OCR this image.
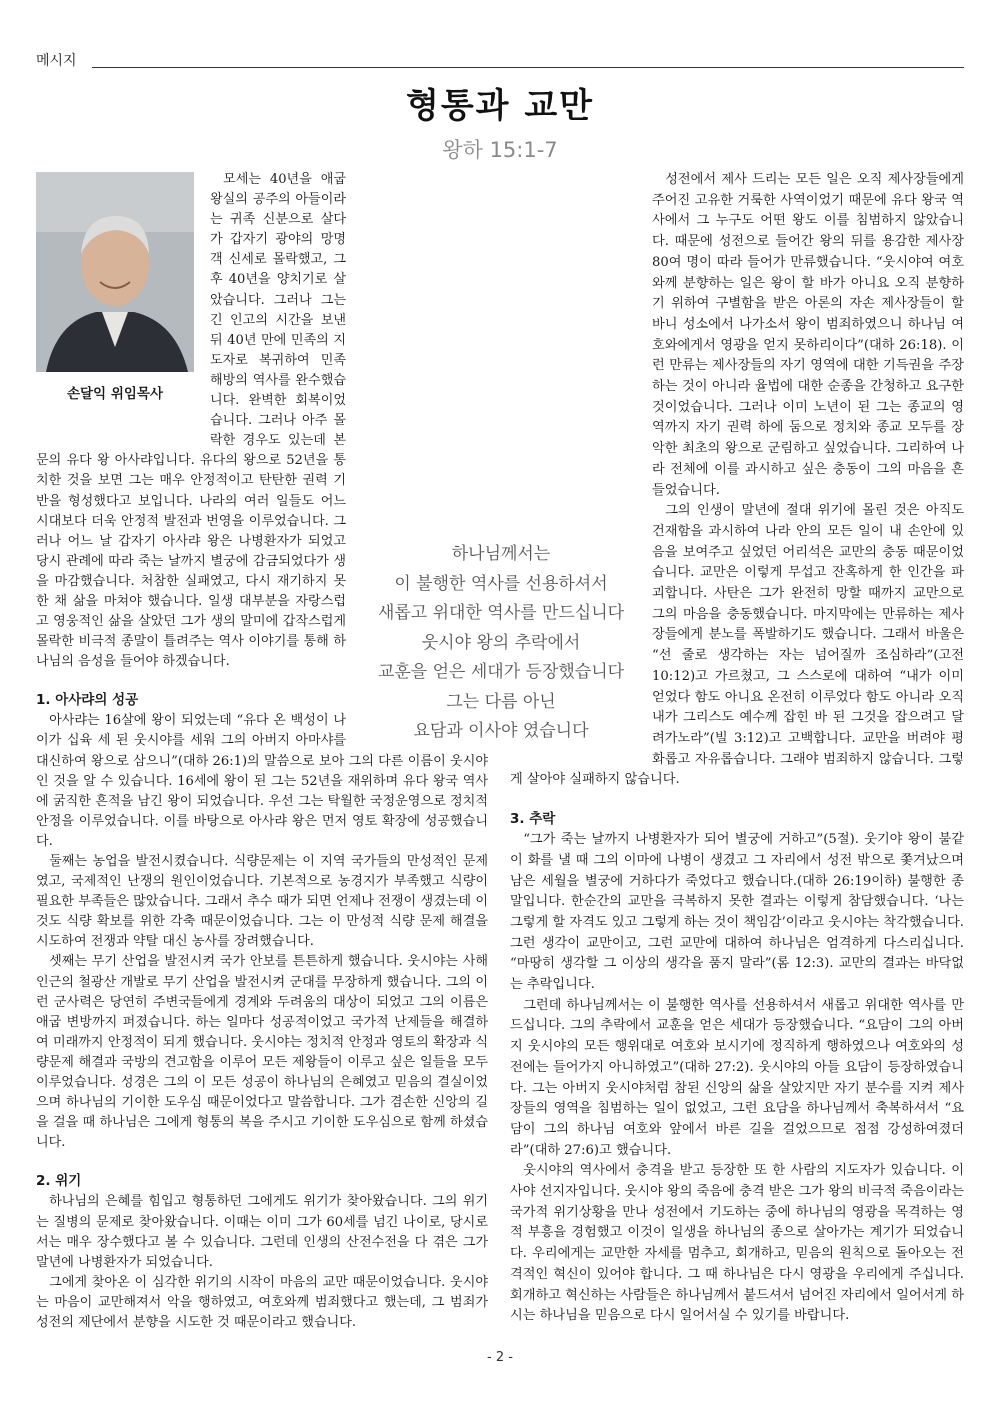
메시지
형통과 교만
왕하 15:1-7
손달익 위임목사

모세는 40년을 애굽 왕실의 공주의 아들이라는 귀족 신분으로 살다가 갑자기 광야의 망명객 신세로 몰락했고, 그 후 40년을 양치기로 살았습니다. 그러나 그는 긴 인고의 시간을 보낸 뒤 40년 만에 민족의 지도자로 복귀하여 민족 해방의 역사를 완수했습니다. 완벽한 회복이었습니다. 그러나 아주 몰락한 경우도 있는데 본문의 유다 왕 아사랴입니다. 유다의 왕으로 52년을 통치한 것을 보면 그는 매우 안정적이고 탄탄한 권력 기반을 형성했다고 보입니다. 나라의 여러 일들도 어느 시대보다 더욱 안정적 발전과 번영을 이루었습니다. 그러나 어느 날 갑자기 아사랴 왕은 나병환자가 되었고 당시 관례에 따라 죽는 날까지 별궁에 감금되었다가 생을 마감했습니다. 처참한 실패였고, 다시 재기하지 못한 채 삶을 마쳐야 했습니다. 일생 대부분을 자랑스럽고 영웅적인 삶을 살았던 그가 생의 말미에 갑작스럽게 몰락한 비극적 종말이 틀려주는 역사 이야기를 통해 하나님의 음성을 들어야 하겠습니다.

1. 아사랴의 성공

아사랴는 16살에 왕이 되었는데 “유다 온 백성이 나이가 십육 세 된 웃시야를 세워 그의 아버지 아마샤를 대신하여 왕으로 삼으니”(대하 26:1)의 말씀으로 보아 그의 다른 이름이 웃시야 인 것을 알 수 있습니다. 16세에 왕이 된 그는 52년을 재위하며 유다 왕국 역사에 굵직한 흔적을 남긴 왕이 되었습니다. 우선 그는 탁월한 국정운영으로 정치적 안정을 이루었습니다. 이를 바탕으로 아사랴 왕은 먼저 영토 확장에 성공했습니다.

둘째는 농업을 발전시켰습니다. 식량문제는 이 지역 국가들의 만성적인 문제였고, 국제적인 난쟁의 원인이었습니다. 기본적으로 농경지가 부족했고 식량이 필요한 부족들은 많았습니다. 그래서 추수 때가 되면 언제나 전쟁이 생겼는데 이것도 식량 확보를 위한 각축 때문이었습니다. 그는 이 만성적 식량 문제 해결을 시도하여 전쟁과 약탈 대신 농사를 장려했습니다.

셋째는 무기 산업을 발전시켜 국가 안보를 튼튼하게 했습니다. 웃시야는 사해 인근의 철광산 개발로 무기 산업을 발전시켜 군대를 무장하게 했습니다. 그의 이런 군사력은 당연히 주변국들에게 경계와 두려움의 대상이 되었고 그의 이름은 애굽 변방까지 퍼졌습니다. 하는 일마다 성공적이었고 국가적 난제들을 해결하여 미래까지 안정적이 되게 했습니다. 웃시야는 정치적 안정과 영토의 확장과 식량문제 해결과 국방의 견고함을 이루어 모든 제왕들이 이루고 싶은 일들을 모두 이루었습니다. 성경은 그의 이 모든 성공이 하나님의 은혜였고 믿음의 결실이었으며 하나님의 기이한 도우심 때문이었다고 말씀합니다. 그가 겸손한 신앙의 길을 걸을 때 하나님은 그에게 형통의 복을 주시고 기이한 도우심으로 함께 하셨습니다.

2. 위기

하나님의 은혜를 힘입고 형통하던 그에게도 위기가 찾아왔습니다. 그의 위기는 질병의 문제로 찾아왔습니다. 이때는 이미 그가 60세를 넘긴 나이로, 당시로서는 매우 장수했다고 볼 수 있습니다. 그런데 인생의 산전수전을 다 겪은 그가 말년에 나병환자가 되었습니다.

그에게 찾아온 이 심각한 위기의 시작이 마음의 교만 때문이었습니다. 웃시야는 마음이 교만해져서 악을 행하였고, 여호와께 범죄했다고 했는데, 그 범죄가 성전의 제단에서 분향을 시도한 것 때문이라고 했습니다.

성전에서 제사 드리는 모든 일은 오직 제사장들에게 주어진 고유한 거룩한 사역이었기 때문에 유다 왕국 역사에서 그 누구도 어떤 왕도 이를 침범하지 않았습니다. 때문에 성전으로 들어간 왕의 뒤를 용감한 제사장 80여 명이 따라 들어가 만류했습니다. “웃시야여 여호와께 분향하는 일은 왕이 할 바가 아니요 오직 분향하기 위하여 구별함을 받은 아론의 자손 제사장들이 할 바니 성소에서 나가소서 왕이 범죄하였으니 하나님 여호와에게서 영광을 얻지 못하리이다”(대하 26:18). 이런 만류는 제사장들의 자기 영역에 대한 기득권을 주장하는 것이 아니라 율법에 대한 순종을 간청하고 요구한 것이었습니다. 그러나 이미 노년이 된 그는 종교의 영역까지 자기 권력 하에 둠으로 정치와 종교 모두를 장악한 최초의 왕으로 군림하고 싶었습니다. 그리하여 나라 전체에 이를 과시하고 싶은 충동이 그의 마음을 흔들었습니다.

그의 인생이 말년에 절대 위기에 몰린 것은 아직도 건재함을 과시하여 나라 안의 모든 일이 내 손안에 있음을 보여주고 싶었던 어리석은 교만의 충동 때문이었습니다. 교만은 이렇게 무섭고 잔혹하게 한 인간을 파괴합니다. 사탄은 그가 완전히 망할 때까지 교만으로 그의 마음을 충동했습니다. 마지막에는 만류하는 제사장들에게 분노를 폭발하기도 했습니다. 그래서 바울은 “선 줄로 생각하는 자는 넘어질까 조심하라”(고전 10:12)고 가르쳤고, 그 스스로에 대하여 “내가 이미 얻었다 함도 아니요 온전히 이루었다 함도 아니라 오직 내가 그리스도 예수께 잡힌 바 된 그것을 잡으려고 달려가노라”(빌 3:12)고 고백합니다. 교만을 버려야 평화롭고 자유롭습니다. 그래야 범죄하지 않습니다. 그렇게 살아야 실패하지 않습니다.

3. 추락

“그가 죽는 날까지 나병환자가 되어 별궁에 거하고”(5절). 웃기야 왕이 불같이 화를 낼 때 그의 이마에 나병이 생겼고 그 자리에서 성전 밖으로 쫓겨났으며 남은 세월을 별궁에 거하다가 죽었다고 했습니다.(대하 26:19이하) 불행한 종말입니다. 한순간의 교만을 극복하지 못한 결과는 이렇게 참담했습니다. ‘나는 그렇게 할 자격도 있고 그렇게 하는 것이 책임감’이라고 웃시야는 착각했습니다. 그런 생각이 교만이고, 그런 교만에 대하여 하나님은 엄격하게 다스리십니다. “마땅히 생각할 그 이상의 생각을 품지 말라”(롬 12:3). 교만의 결과는 바닥없는 추락입니다.

그런데 하나님께서는 이 불행한 역사를 선용하셔서 새롭고 위대한 역사를 만드십니다. 그의 추락에서 교훈을 얻은 세대가 등장했습니다. “요담이 그의 아버지 웃시야의 모든 행위대로 여호와 보시기에 정직하게 행하였으나 여호와의 성전에는 들어가지 아니하였고”(대하 27:2). 웃시야의 아들 요담이 등장하였습니다. 그는 아버지 웃시야처럼 참된 신앙의 삶을 살았지만 자기 분수를 지켜 제사장들의 영역을 침범하는 일이 없었고, 그런 요담을 하나님께서 축복하셔서 “요담이 그의 하나님 여호와 앞에서 바른 길을 걸었으므로 점점 강성하여졌더라”(대하 27:6)고 했습니다.

웃시야의 역사에서 충격을 받고 등장한 또 한 사람의 지도자가 있습니다. 이사야 선지자입니다. 웃시야 왕의 죽음에 충격 받은 그가 왕의 비극적 죽음이라는 국가적 위기상황을 만나 성전에서 기도하는 중에 하나님의 영광을 목격하는 영적 부흥을 경험했고 이것이 일생을 하나님의 종으로 살아가는 계기가 되었습니다. 우리에게는 교만한 자세를 멈추고, 회개하고, 믿음의 원칙으로 돌아오는 전격적인 혁신이 있어야 합니다. 그 때 하나님은 다시 영광을 우리에게 주십니다. 회개하고 혁신하는 사람들은 하나님께서 붙드셔서 넘어진 자리에서 일어서게 하시는 하나님을 믿음으로 다시 일어서실 수 있기를 바랍니다.

하나님께서는
이 불행한 역사를 선용하셔서
새롭고 위대한 역사를 만드십니다
웃시야 왕의 추락에서
교훈을 얻은 세대가 등장했습니다
그는 다름 아닌
요담과 이사야 였습니다
- 2 -
